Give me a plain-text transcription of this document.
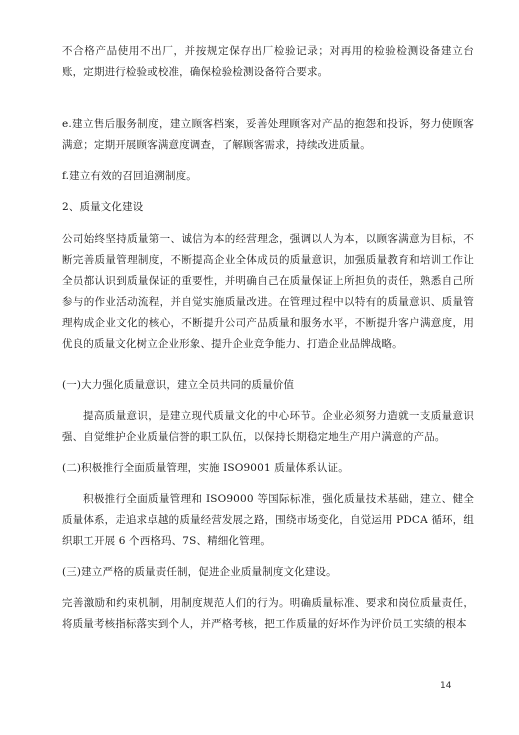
不合格产品使用不出厂，并按规定保存出厂检验记录；对再用的检验检测设备建立台账，定期进行检验或校准，确保检验检测设备符合要求。

e.建立售后服务制度，建立顾客档案，妥善处理顾客对产品的抱怨和投诉，努力使顾客满意；定期开展顾客满意度调查，了解顾客需求，持续改进质量。

f.建立有效的召回追溯制度。

2、质量文化建设

公司始终坚持质量第一、诚信为本的经营理念，强调以人为本，以顾客满意为目标，不断完善质量管理制度，不断提高企业全体成员的质量意识，加强质量教育和培训工作让全员都认识到质量保证的重要性，并明确自己在质量保证上所担负的责任，熟悉自己所参与的作业活动流程，并自觉实施质量改进。在管理过程中以特有的质量意识、质量管理构成企业文化的核心，不断提升公司产品质量和服务水平，不断提升客户满意度，用优良的质量文化树立企业形象、提升企业竞争能力、打造企业品牌战略。

(一)大力强化质量意识，建立全员共同的质量价值

提高质量意识，是建立现代质量文化的中心环节。企业必须努力造就一支质量意识强、自觉维护企业质量信誉的职工队伍，以保持长期稳定地生产用户满意的产品。

(二)积极推行全面质量管理，实施 ISO9001 质量体系认证。

积极推行全面质量管理和 ISO9000 等国际标准，强化质量技术基础，建立、健全质量体系，走追求卓越的质量经营发展之路，围绕市场变化，自觉运用 PDCA 循环，组织职工开展 6 个西格玛、7S、精细化管理。

(三)建立严格的质量责任制，促进企业质量制度文化建设。

完善激励和约束机制，用制度规范人们的行为。明确质量标准、要求和岗位质量责任，将质量考核指标落实到个人，并严格考核，把工作质量的好坏作为评价员工实绩的根本

14
